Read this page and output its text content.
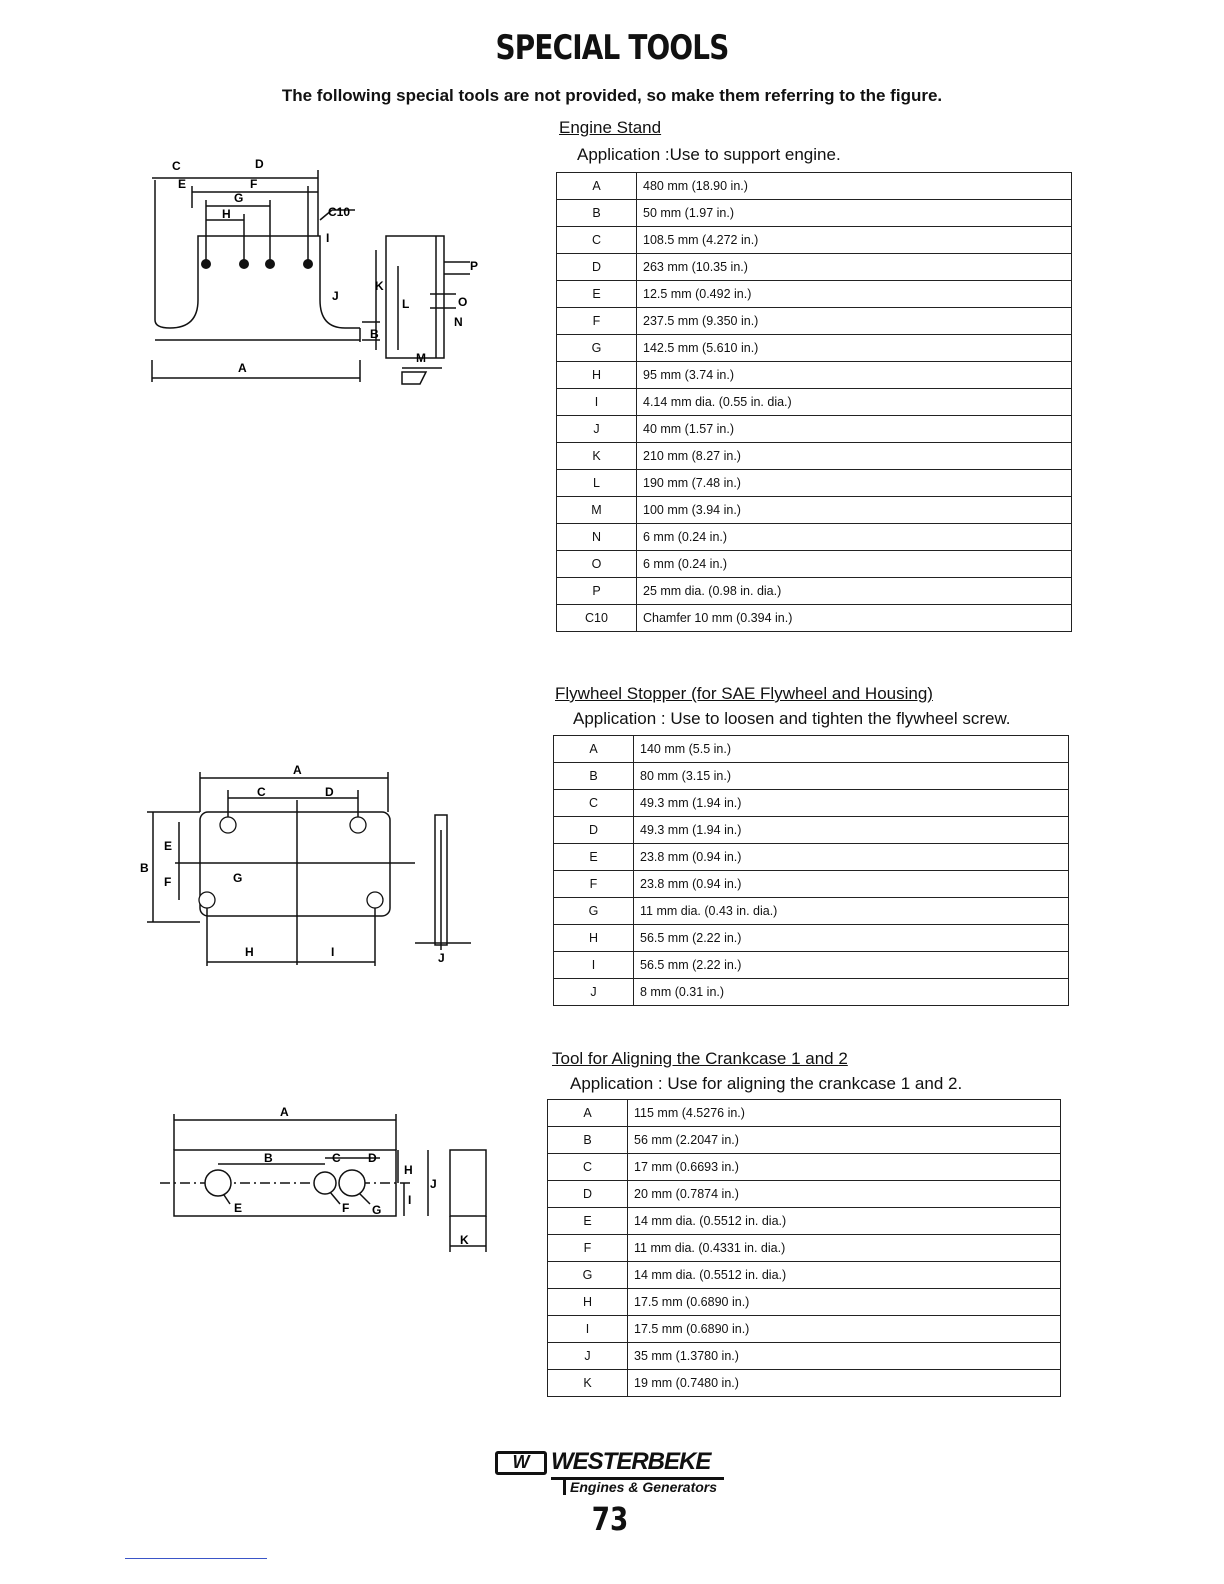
SPECIAL TOOLS
The following special tools are not provided, so make them referring to the figure.
Engine Stand
Application :Use to support engine.
A	480 mm (18.90 in.)
B	50 mm (1.97 in.)
C	108.5 mm (4.272 in.)
D	263 mm (10.35 in.)
E	12.5 mm (0.492 in.)
F	237.5 mm (9.350 in.)
G	142.5 mm (5.610 in.)
H	95 mm (3.74 in.)
I	4.14 mm dia. (0.55 in. dia.)
J	40 mm (1.57 in.)
K	210 mm (8.27 in.)
L	190 mm (7.48 in.)
M	100 mm (3.94 in.)
N	6 mm (0.24 in.)
O	6 mm (0.24 in.)
P	25 mm dia. (0.98 in. dia.)
C10	Chamfer 10 mm (0.394 in.)
A
B
C	D
E	F
G
H
I
J
K
L
M
N
O
P
C10
Flywheel Stopper (for SAE Flywheel and Housing)
Application : Use to loosen and tighten the flywheel screw.
A	140 mm (5.5 in.)
B	80 mm (3.15 in.)
C	49.3 mm (1.94 in.)
D	49.3 mm (1.94 in.)
E	23.8 mm (0.94 in.)
F	23.8 mm (0.94 in.)
G	11 mm dia. (0.43 in. dia.)
H	56.5 mm (2.22 in.)
I	56.5 mm (2.22 in.)
J	8 mm (0.31 in.)
A
B
C	D
E
F	G
H	I	J
Tool for Aligning the Crankcase 1 and 2
Application : Use for aligning the crankcase 1 and 2.
A	115 mm (4.5276 in.)
B	56 mm (2.2047 in.)
C	17 mm (0.6693 in.)
D	20 mm (0.7874 in.)
E	14 mm dia. (0.5512 in. dia.)
F	11 mm dia. (0.4331 in. dia.)
G	14 mm dia. (0.5512 in. dia.)
H	17.5 mm (0.6890 in.)
I	17.5 mm (0.6890 in.)
J	35 mm (1.3780 in.)
K	19 mm (0.7480 in.)
A
B	C D
E	F G
H
I
J
K
W WESTERBEKE
Engines & Generators
73
